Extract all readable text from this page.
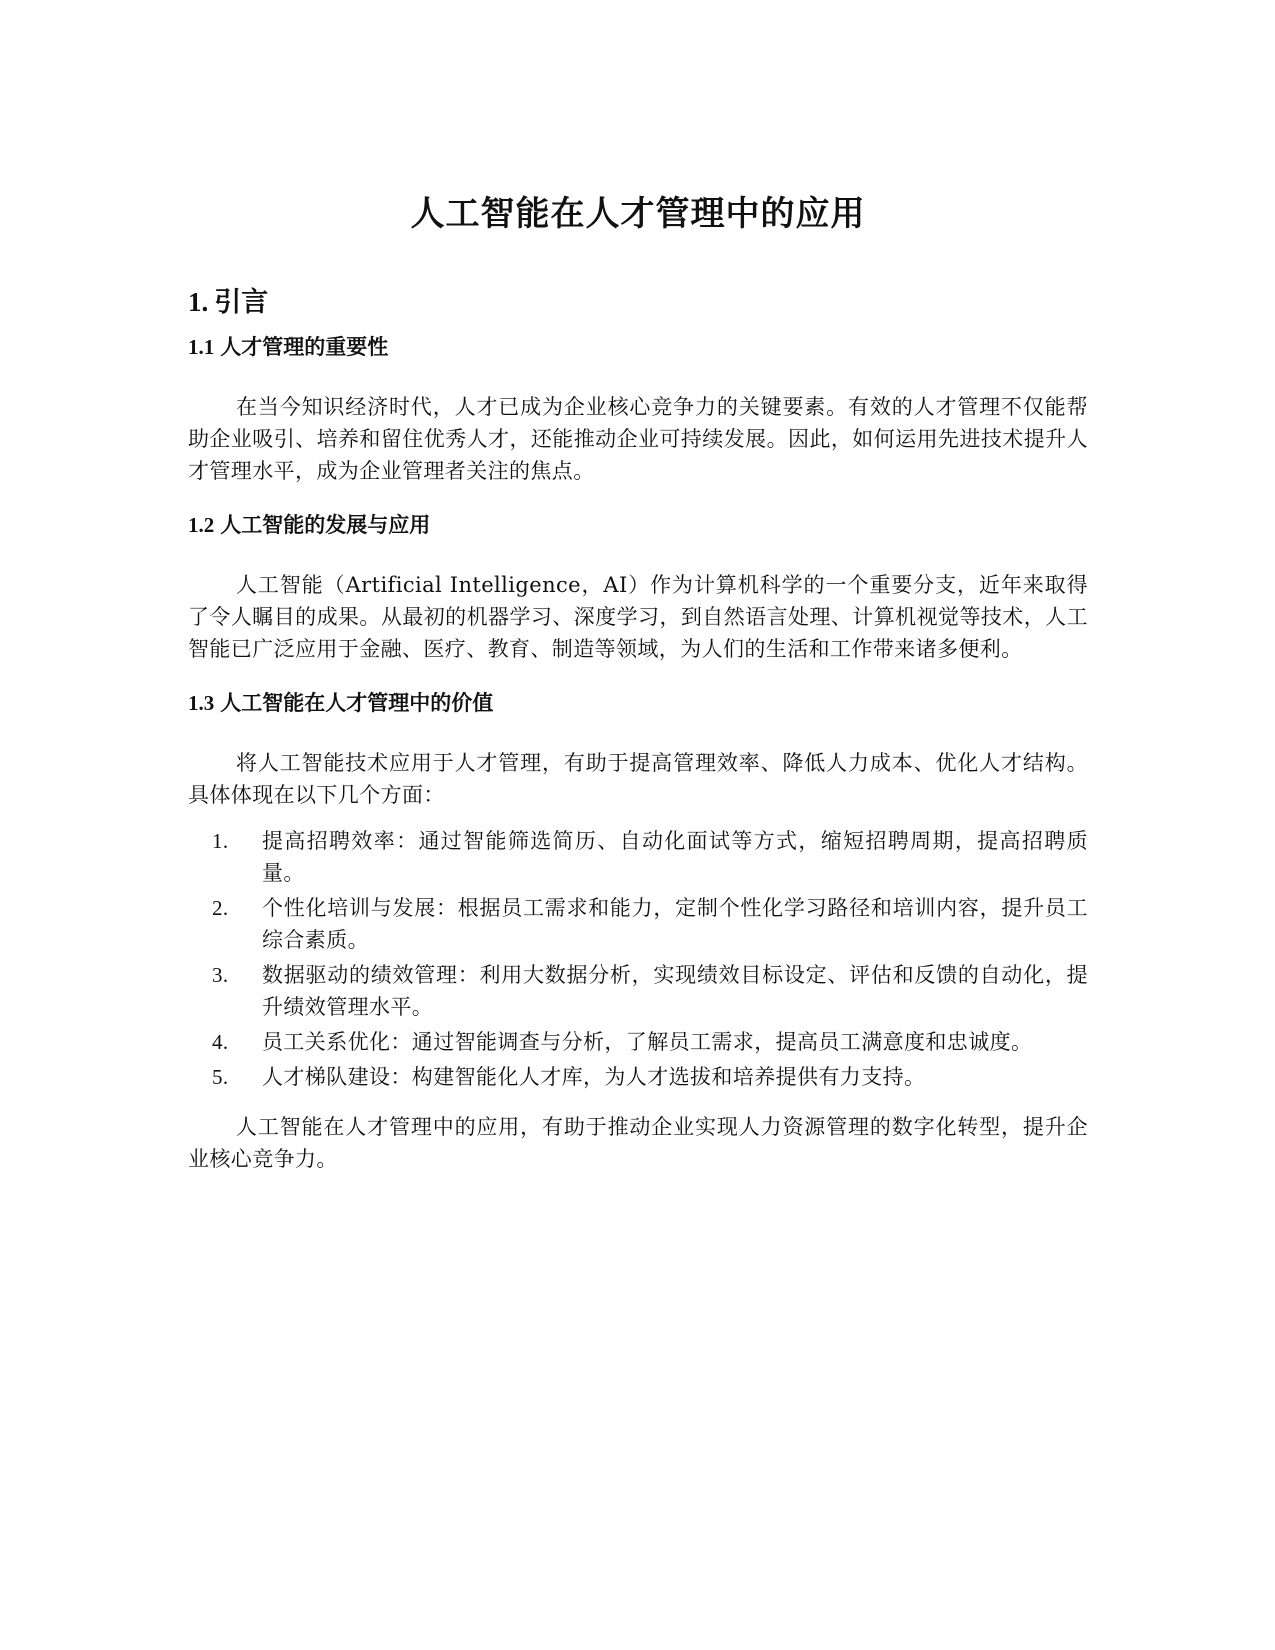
人工智能在人才管理中的应用
1. 引言
1.1 人才管理的重要性

在当今知识经济时代，人才已成为企业核心竞争力的关键要素。有效的人才管理不仅能帮助企业吸引、培养和留住优秀人才，还能推动企业可持续发展。因此，如何运用先进技术提升人才管理水平，成为企业管理者关注的焦点。

1.2 人工智能的发展与应用

人工智能（Artificial Intelligence，AI）作为计算机科学的一个重要分支，近年来取得了令人瞩目的成果。从最初的机器学习、深度学习，到自然语言处理、计算机视觉等技术，人工智能已广泛应用于金融、医疗、教育、制造等领域，为人们的生活和工作带来诸多便利。

1.3 人工智能在人才管理中的价值

将人工智能技术应用于人才管理，有助于提高管理效率、降低人力成本、优化人才结构。具体体现在以下几个方面：

1. 提高招聘效率：通过智能筛选简历、自动化面试等方式，缩短招聘周期，提高招聘质量。
2. 个性化培训与发展：根据员工需求和能力，定制个性化学习路径和培训内容，提升员工综合素质。
3. 数据驱动的绩效管理：利用大数据分析，实现绩效目标设定、评估和反馈的自动化，提升绩效管理水平。
4. 员工关系优化：通过智能调查与分析，了解员工需求，提高员工满意度和忠诚度。
5. 人才梯队建设：构建智能化人才库，为人才选拔和培养提供有力支持。

人工智能在人才管理中的应用，有助于推动企业实现人力资源管理的数字化转型，提升企业核心竞争力。
